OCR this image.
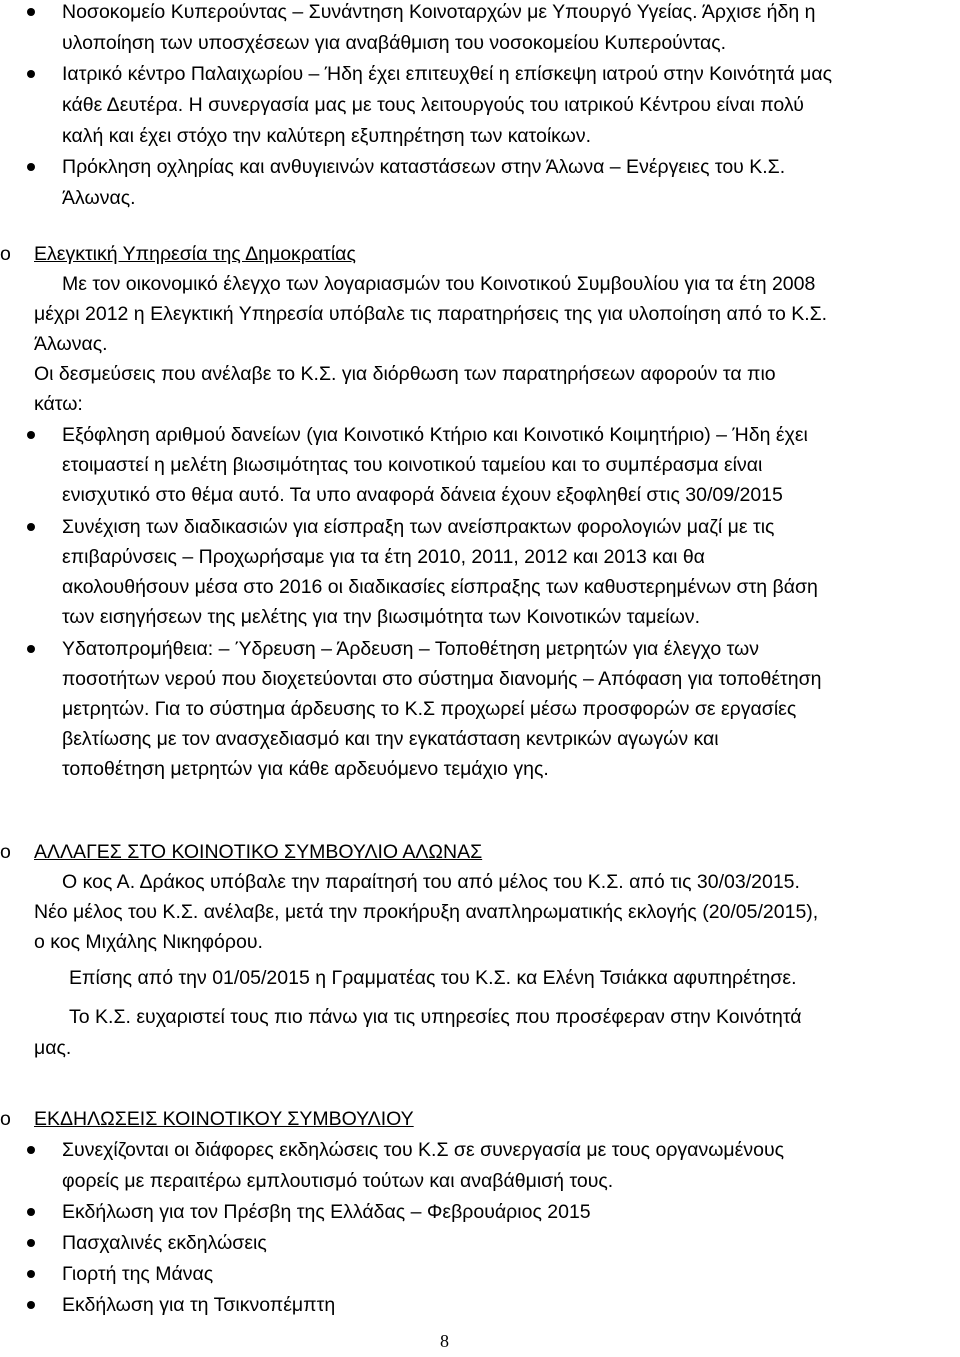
Νοσοκομείο Κυπερούντας – Συνάντηση Κοινοταρχών με Υπουργό Υγείας. Άρχισε ήδη η
υλοποίηση των υποσχέσεων για αναβάθμιση του νοσοκομείου Κυπερούντας.
Ιατρικό κέντρο Παλαιχωρίου – Ήδη έχει επιτευχθεί η επίσκεψη ιατρού στην Κοινότητά μας
κάθε Δευτέρα. Η συνεργασία μας με τους λειτουργούς του ιατρικού Κέντρου είναι πολύ
καλή και έχει στόχο την καλύτερη εξυπηρέτηση των κατοίκων.
Πρόκληση οχληρίας και ανθυγιεινών καταστάσεων στην Άλωνα – Ενέργειες του Κ.Σ.
Άλωνας.
o Ελεγκτική Υπηρεσία της Δημοκρατίας
Με τον οικονομικό έλεγχο των λογαριασμών του Κοινοτικού Συμβουλίου για τα έτη 2008
μέχρι 2012 η Ελεγκτική Υπηρεσία υπόβαλε τις παρατηρήσεις της για υλοποίηση από το Κ.Σ.
Άλωνας.
Οι δεσμεύσεις που ανέλαβε το Κ.Σ. για διόρθωση των παρατηρήσεων αφορούν τα πιο
κάτω:
Εξόφληση αριθμού δανείων (για Κοινοτικό Κτήριο και Κοινοτικό Κοιμητήριο) – Ήδη έχει
ετοιμαστεί η μελέτη βιωσιμότητας του κοινοτικού ταμείου και το συμπέρασμα είναι
ενισχυτικό στο θέμα αυτό. Τα υπο αναφορά δάνεια έχουν εξοφληθεί στις 30/09/2015
Συνέχιση των διαδικασιών για είσπραξη των ανείσπρακτων φορολογιών μαζί με τις
επιβαρύνσεις – Προχωρήσαμε για τα έτη 2010, 2011, 2012 και 2013 και θα
ακολουθήσουν μέσα στο 2016 οι διαδικασίες είσπραξης των καθυστερημένων στη βάση
των εισηγήσεων της μελέτης για την βιωσιμότητα των Κοινοτικών ταμείων.
Υδατοπρομήθεια: – Ύδρευση – Άρδευση – Τοποθέτηση μετρητών για έλεγχο των
ποσοτήτων νερού που διοχετεύονται στο σύστημα διανομής – Απόφαση για τοποθέτηση
μετρητών. Για το σύστημα άρδευσης το Κ.Σ προχωρεί μέσω προσφορών σε εργασίες
βελτίωσης με τον ανασχεδιασμό και την εγκατάσταση κεντρικών αγωγών και
τοποθέτηση μετρητών για κάθε αρδευόμενο τεμάχιο γης.
o ΑΛΛΑΓΕΣ ΣΤΟ ΚΟΙΝΟΤΙΚΟ ΣΥΜΒΟΥΛΙΟ ΑΛΩΝΑΣ
Ο κος Α. Δράκος υπόβαλε την παραίτησή του από μέλος του Κ.Σ. από τις 30/03/2015.
Νέο μέλος του Κ.Σ. ανέλαβε, μετά την προκήρυξη αναπληρωματικής εκλογής (20/05/2015),
ο κος Μιχάλης Νικηφόρου.
Επίσης από την 01/05/2015 η Γραμματέας του Κ.Σ. κα Ελένη Τσιάκκα αφυπηρέτησε.
Το Κ.Σ. ευχαριστεί τους πιο πάνω για τις υπηρεσίες που προσέφεραν στην Κοινότητά
μας.
o ΕΚΔΗΛΩΣΕΙΣ ΚΟΙΝΟΤΙΚΟΥ ΣΥΜΒΟΥΛΙΟΥ
Συνεχίζονται οι διάφορες εκδηλώσεις του Κ.Σ σε συνεργασία με τους οργανωμένους
φορείς με περαιτέρω εμπλουτισμό τούτων και αναβάθμισή τους.
Εκδήλωση για τον Πρέσβη της Ελλάδας – Φεβρουάριος 2015
Πασχαλινές εκδηλώσεις
Γιορτή της Μάνας
Εκδήλωση για τη Τσικνοπέμπτη
8
